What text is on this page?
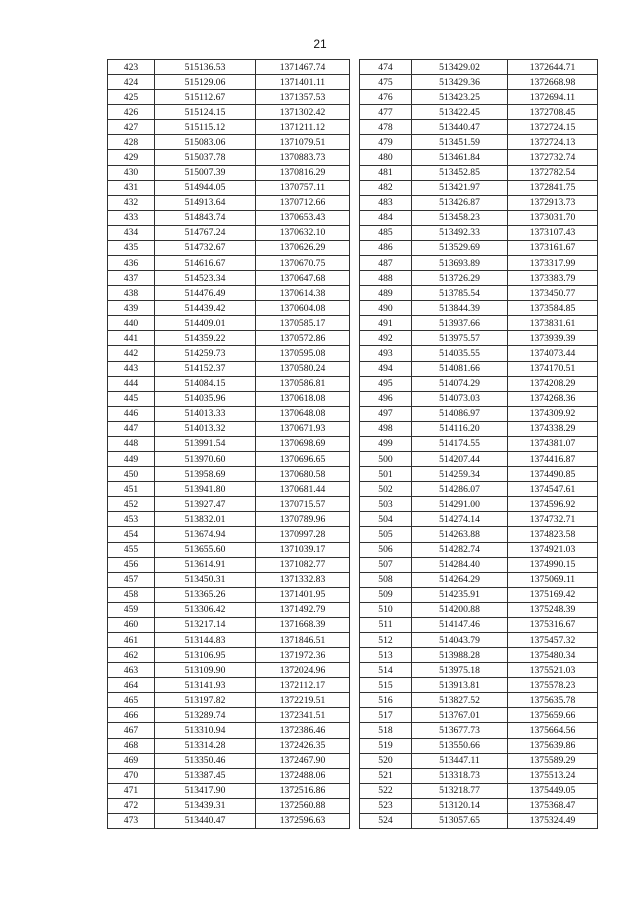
21
423	515136.53	1371467.74
424	515129.06	1371401.11
425	515112.67	1371357.53
426	515124.15	1371302.42
427	515115.12	1371211.12
428	515083.06	1371079.51
429	515037.78	1370883.73
430	515007.39	1370816.29
431	514944.05	1370757.11
432	514913.64	1370712.66
433	514843.74	1370653.43
434	514767.24	1370632.10
435	514732.67	1370626.29
436	514616.67	1370670.75
437	514523.34	1370647.68
438	514476.49	1370614.38
439	514439.42	1370604.08
440	514409.01	1370585.17
441	514359.22	1370572.86
442	514259.73	1370595.08
443	514152.37	1370580.24
444	514084.15	1370586.81
445	514035.96	1370618.08
446	514013.33	1370648.08
447	514013.32	1370671.93
448	513991.54	1370698.69
449	513970.60	1370696.65
450	513958.69	1370680.58
451	513941.80	1370681.44
452	513927.47	1370715.57
453	513832.01	1370789.96
454	513674.94	1370997.28
455	513655.60	1371039.17
456	513614.91	1371082.77
457	513450.31	1371332.83
458	513365.26	1371401.95
459	513306.42	1371492.79
460	513217.14	1371668.39
461	513144.83	1371846.51
462	513106.95	1371972.36
463	513109.90	1372024.96
464	513141.93	1372112.17
465	513197.82	1372219.51
466	513289.74	1372341.51
467	513310.94	1372386.46
468	513314.28	1372426.35
469	513350.46	1372467.90
470	513387.45	1372488.06
471	513417.90	1372516.86
472	513439.31	1372560.88
473	513440.47	1372596.63
474	513429.02	1372644.71
475	513429.36	1372668.98
476	513423.25	1372694.11
477	513422.45	1372708.45
478	513440.47	1372724.15
479	513451.59	1372724.13
480	513461.84	1372732.74
481	513452.85	1372782.54
482	513421.97	1372841.75
483	513426.87	1372913.73
484	513458.23	1373031.70
485	513492.33	1373107.43
486	513529.69	1373161.67
487	513693.89	1373317.99
488	513726.29	1373383.79
489	513785.54	1373450.77
490	513844.39	1373584.85
491	513937.66	1373831.61
492	513975.57	1373939.39
493	514035.55	1374073.44
494	514081.66	1374170.51
495	514074.29	1374208.29
496	514073.03	1374268.36
497	514086.97	1374309.92
498	514116.20	1374338.29
499	514174.55	1374381.07
500	514207.44	1374416.87
501	514259.34	1374490.85
502	514286.07	1374547.61
503	514291.00	1374596.92
504	514274.14	1374732.71
505	514263.88	1374823.58
506	514282.74	1374921.03
507	514284.40	1374990.15
508	514264.29	1375069.11
509	514235.91	1375169.42
510	514200.88	1375248.39
511	514147.46	1375316.67
512	514043.79	1375457.32
513	513988.28	1375480.34
514	513975.18	1375521.03
515	513913.81	1375578.23
516	513827.52	1375635.78
517	513767.01	1375659.66
518	513677.73	1375664.56
519	513550.66	1375639.86
520	513447.11	1375589.29
521	513318.73	1375513.24
522	513218.77	1375449.05
523	513120.14	1375368.47
524	513057.65	1375324.49
